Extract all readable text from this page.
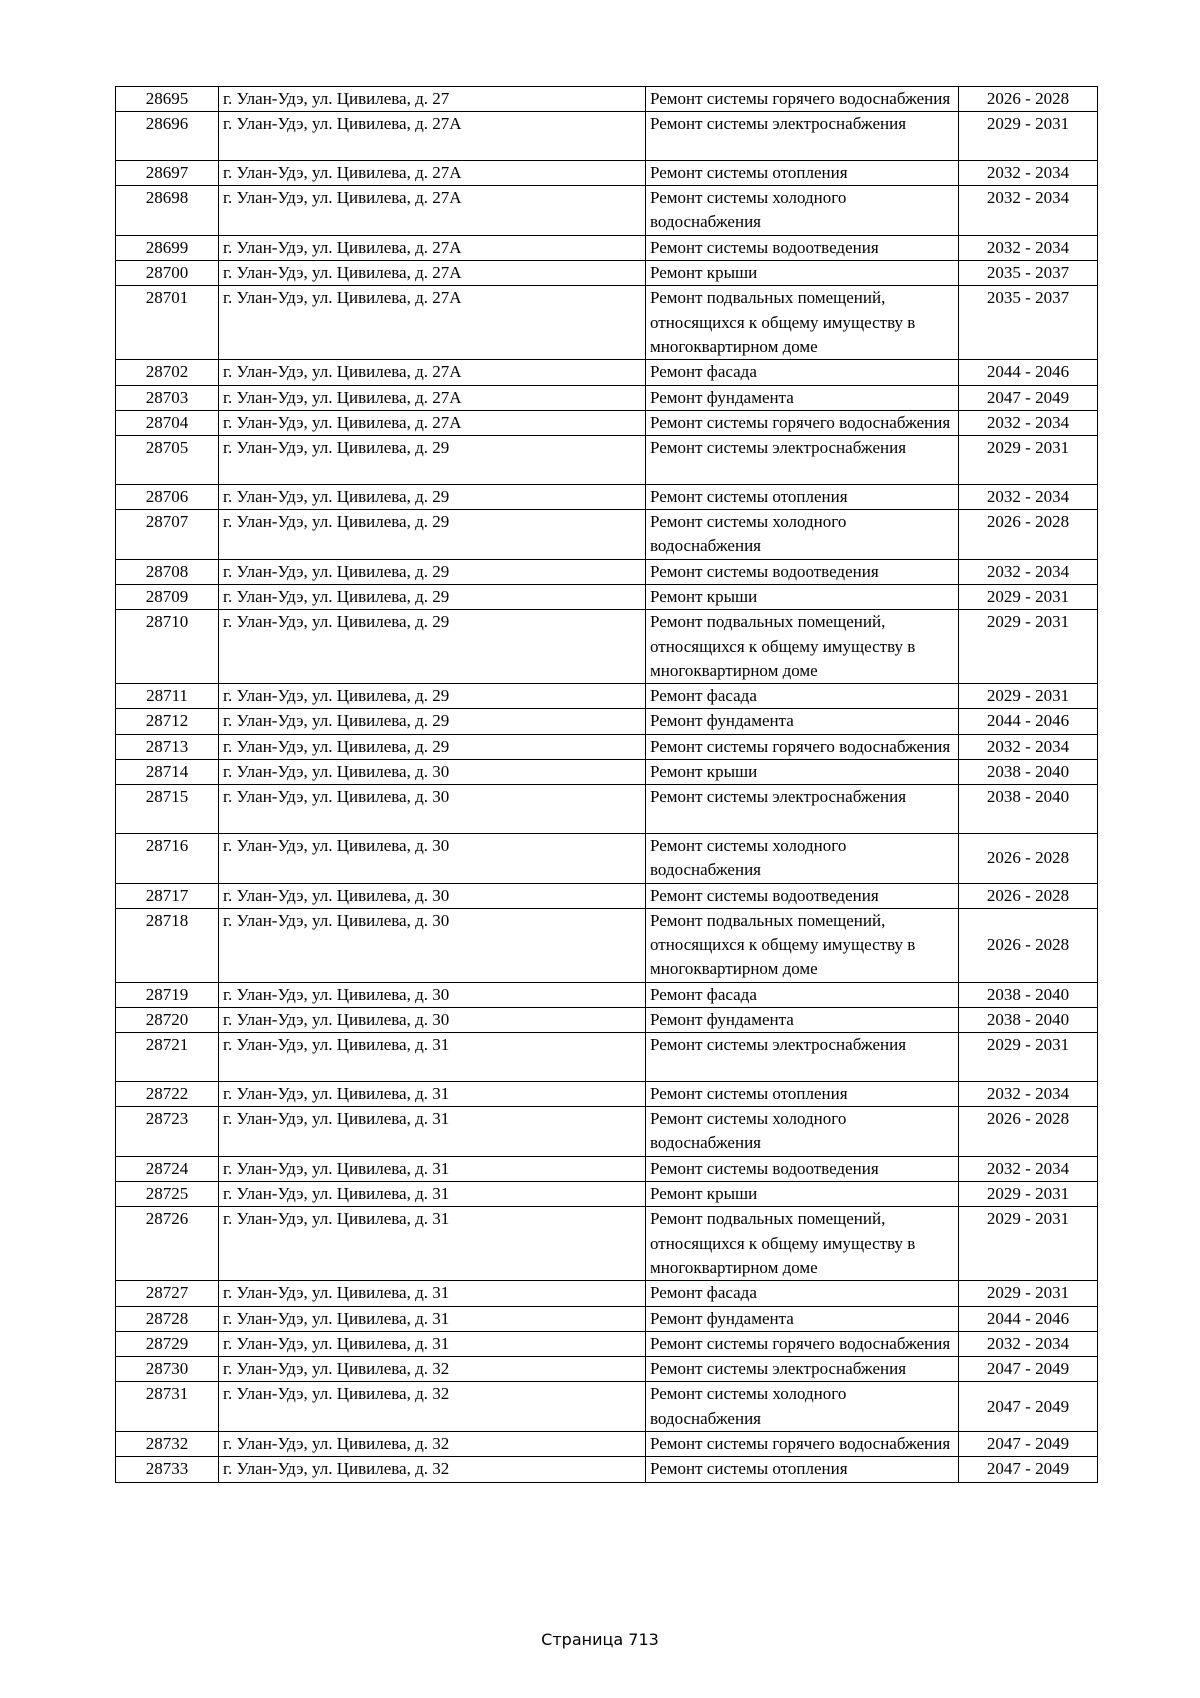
28695	г. Улан-Удэ, ул. Цивилева, д. 27	Ремонт системы горячего водоснабжения	2026 - 2028
28696	г. Улан-Удэ, ул. Цивилева, д. 27А	Ремонт системы электроснабжения	2029 - 2031
28697	г. Улан-Удэ, ул. Цивилева, д. 27А	Ремонт системы отопления	2032 - 2034
28698	г. Улан-Удэ, ул. Цивилева, д. 27А	Ремонт системы холодного водоснабжения	2032 - 2034
28699	г. Улан-Удэ, ул. Цивилева, д. 27А	Ремонт системы водоотведения	2032 - 2034
28700	г. Улан-Удэ, ул. Цивилева, д. 27А	Ремонт крыши	2035 - 2037
28701	г. Улан-Удэ, ул. Цивилева, д. 27А	Ремонт подвальных помещений, относящихся к общему имуществу в многоквартирном доме	2035 - 2037
28702	г. Улан-Удэ, ул. Цивилева, д. 27А	Ремонт фасада	2044 - 2046
28703	г. Улан-Удэ, ул. Цивилева, д. 27А	Ремонт фундамента	2047 - 2049
28704	г. Улан-Удэ, ул. Цивилева, д. 27А	Ремонт системы горячего водоснабжения	2032 - 2034
28705	г. Улан-Удэ, ул. Цивилева, д. 29	Ремонт системы электроснабжения	2029 - 2031
28706	г. Улан-Удэ, ул. Цивилева, д. 29	Ремонт системы отопления	2032 - 2034
28707	г. Улан-Удэ, ул. Цивилева, д. 29	Ремонт системы холодного водоснабжения	2026 - 2028
28708	г. Улан-Удэ, ул. Цивилева, д. 29	Ремонт системы водоотведения	2032 - 2034
28709	г. Улан-Удэ, ул. Цивилева, д. 29	Ремонт крыши	2029 - 2031
28710	г. Улан-Удэ, ул. Цивилева, д. 29	Ремонт подвальных помещений, относящихся к общему имуществу в многоквартирном доме	2029 - 2031
28711	г. Улан-Удэ, ул. Цивилева, д. 29	Ремонт фасада	2029 - 2031
28712	г. Улан-Удэ, ул. Цивилева, д. 29	Ремонт фундамента	2044 - 2046
28713	г. Улан-Удэ, ул. Цивилева, д. 29	Ремонт системы горячего водоснабжения	2032 - 2034
28714	г. Улан-Удэ, ул. Цивилева, д. 30	Ремонт крыши	2038 - 2040
28715	г. Улан-Удэ, ул. Цивилева, д. 30	Ремонт системы электроснабжения	2038 - 2040
28716	г. Улан-Удэ, ул. Цивилева, д. 30	Ремонт системы холодного водоснабжения	2026 - 2028
28717	г. Улан-Удэ, ул. Цивилева, д. 30	Ремонт системы водоотведения	2026 - 2028
28718	г. Улан-Удэ, ул. Цивилева, д. 30	Ремонт подвальных помещений, относящихся к общему имуществу в многоквартирном доме	2026 - 2028
28719	г. Улан-Удэ, ул. Цивилева, д. 30	Ремонт фасада	2038 - 2040
28720	г. Улан-Удэ, ул. Цивилева, д. 30	Ремонт фундамента	2038 - 2040
28721	г. Улан-Удэ, ул. Цивилева, д. 31	Ремонт системы электроснабжения	2029 - 2031
28722	г. Улан-Удэ, ул. Цивилева, д. 31	Ремонт системы отопления	2032 - 2034
28723	г. Улан-Удэ, ул. Цивилева, д. 31	Ремонт системы холодного водоснабжения	2026 - 2028
28724	г. Улан-Удэ, ул. Цивилева, д. 31	Ремонт системы водоотведения	2032 - 2034
28725	г. Улан-Удэ, ул. Цивилева, д. 31	Ремонт крыши	2029 - 2031
28726	г. Улан-Удэ, ул. Цивилева, д. 31	Ремонт подвальных помещений, относящихся к общему имуществу в многоквартирном доме	2029 - 2031
28727	г. Улан-Удэ, ул. Цивилева, д. 31	Ремонт фасада	2029 - 2031
28728	г. Улан-Удэ, ул. Цивилева, д. 31	Ремонт фундамента	2044 - 2046
28729	г. Улан-Удэ, ул. Цивилева, д. 31	Ремонт системы горячего водоснабжения	2032 - 2034
28730	г. Улан-Удэ, ул. Цивилева, д. 32	Ремонт системы электроснабжения	2047 - 2049
28731	г. Улан-Удэ, ул. Цивилева, д. 32	Ремонт системы холодного водоснабжения	2047 - 2049
28732	г. Улан-Удэ, ул. Цивилева, д. 32	Ремонт системы горячего водоснабжения	2047 - 2049
28733	г. Улан-Удэ, ул. Цивилева, д. 32	Ремонт системы отопления	2047 - 2049
Страница 713
